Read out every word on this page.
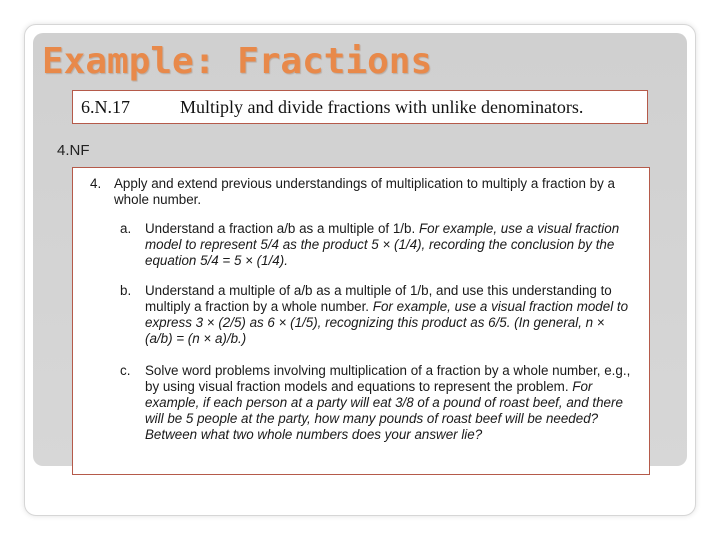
Example: Fractions
6.N.17	Multiply and divide fractions with unlike denominators.
4.NF
4. Apply and extend previous understandings of multiplication to multiply a fraction by a whole number.
a. Understand a fraction a/b as a multiple of 1/b. For example, use a visual fraction model to represent 5/4 as the product 5 × (1/4), recording the conclusion by the equation 5/4 = 5 × (1/4).
b. Understand a multiple of a/b as a multiple of 1/b, and use this understanding to multiply a fraction by a whole number. For example, use a visual fraction model to express 3 × (2/5) as 6 × (1/5), recognizing this product as 6/5. (In general, n × (a/b) = (n × a)/b.)
c. Solve word problems involving multiplication of a fraction by a whole number, e.g., by using visual fraction models and equations to represent the problem. For example, if each person at a party will eat 3/8 of a pound of roast beef, and there will be 5 people at the party, how many pounds of roast beef will be needed? Between what two whole numbers does your answer lie?
